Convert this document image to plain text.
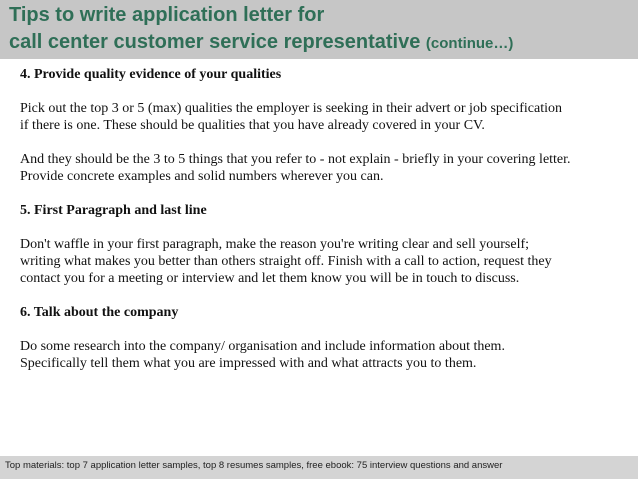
Tips to write application letter for
call center customer service representative (continue…)
4. Provide quality evidence of your qualities
Pick out the top 3 or 5 (max) qualities the employer is seeking in their advert or job specification
if there is one. These should be qualities that you have already covered in your CV.
And they should be the 3 to 5 things that you refer to - not explain - briefly in your covering letter.
Provide concrete examples and solid numbers wherever you can.
5. First Paragraph and last line
Don't waffle in your first paragraph, make the reason you're writing clear and sell yourself;
writing what makes you better than others straight off. Finish with a call to action, request they
contact you for a meeting or interview and let them know you will be in touch to discuss.
6. Talk about the company
Do some research into the company/ organisation and include information about them.
Specifically tell them what you are impressed with and what attracts you to them.
Top materials: top 7 application letter samples, top 8 resumes samples, free ebook: 75 interview questions and answer
